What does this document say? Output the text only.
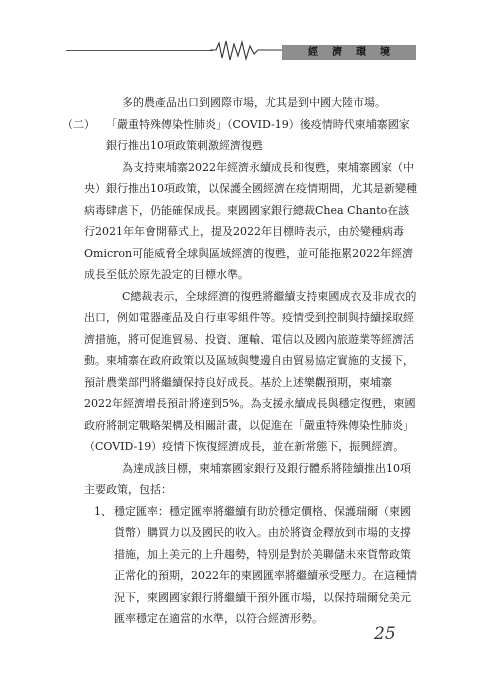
經濟環境

多的農產品出口到國際市場，尤其是到中國大陸市場。

（二） 「嚴重特殊傳染性肺炎」（COVID-19）後疫情時代柬埔寨國家銀行推出10項政策刺激經濟復甦

為支持柬埔寨2022年經濟永續成長和復甦，柬埔寨國家（中央）銀行推出10項政策，以保護全國經濟在疫情期間，尤其是新變種病毒肆虐下，仍能確保成長。柬國國家銀行總裁Chea Chanto在該行2021年年會開幕式上，提及2022年目標時表示，由於變種病毒Omicron可能威脅全球與區域經濟的復甦，並可能拖累2022年經濟成長至低於原先設定的目標水準。

C總裁表示，全球經濟的復甦將繼續支持柬國成衣及非成衣的出口，例如電器產品及自行車零組件等。疫情受到控制與持續採取經濟措施，將可促進貿易、投資、運輸、電信以及國內旅遊業等經濟活動。柬埔寨在政府政策以及區域與雙邊自由貿易協定實施的支援下，預計農業部門將繼續保持良好成長。基於上述樂觀預期，柬埔寨2022年經濟增長預計將達到5%。為支援永續成長與穩定復甦，柬國政府將制定戰略架構及相關計畫，以促進在「嚴重特殊傳染性肺炎」（COVID-19）疫情下恢復經濟成長，並在新常態下，振興經濟。

為達成該目標，柬埔寨國家銀行及銀行體系將陸續推出10項主要政策，包括：

1、 穩定匯率：穩定匯率將繼續有助於穩定價格、保護瑞爾（柬國貨幣）購買力以及國民的收入。由於將資金釋放到市場的支撐措施，加上美元的上升趨勢，特別是對於美聯儲未來貨幣政策正常化的預期，2022年的柬國匯率將繼續承受壓力。在這種情況下，柬國國家銀行將繼續干預外匯市場，以保持瑞爾兌美元匯率穩定在適當的水準，以符合經濟形勢。
25
